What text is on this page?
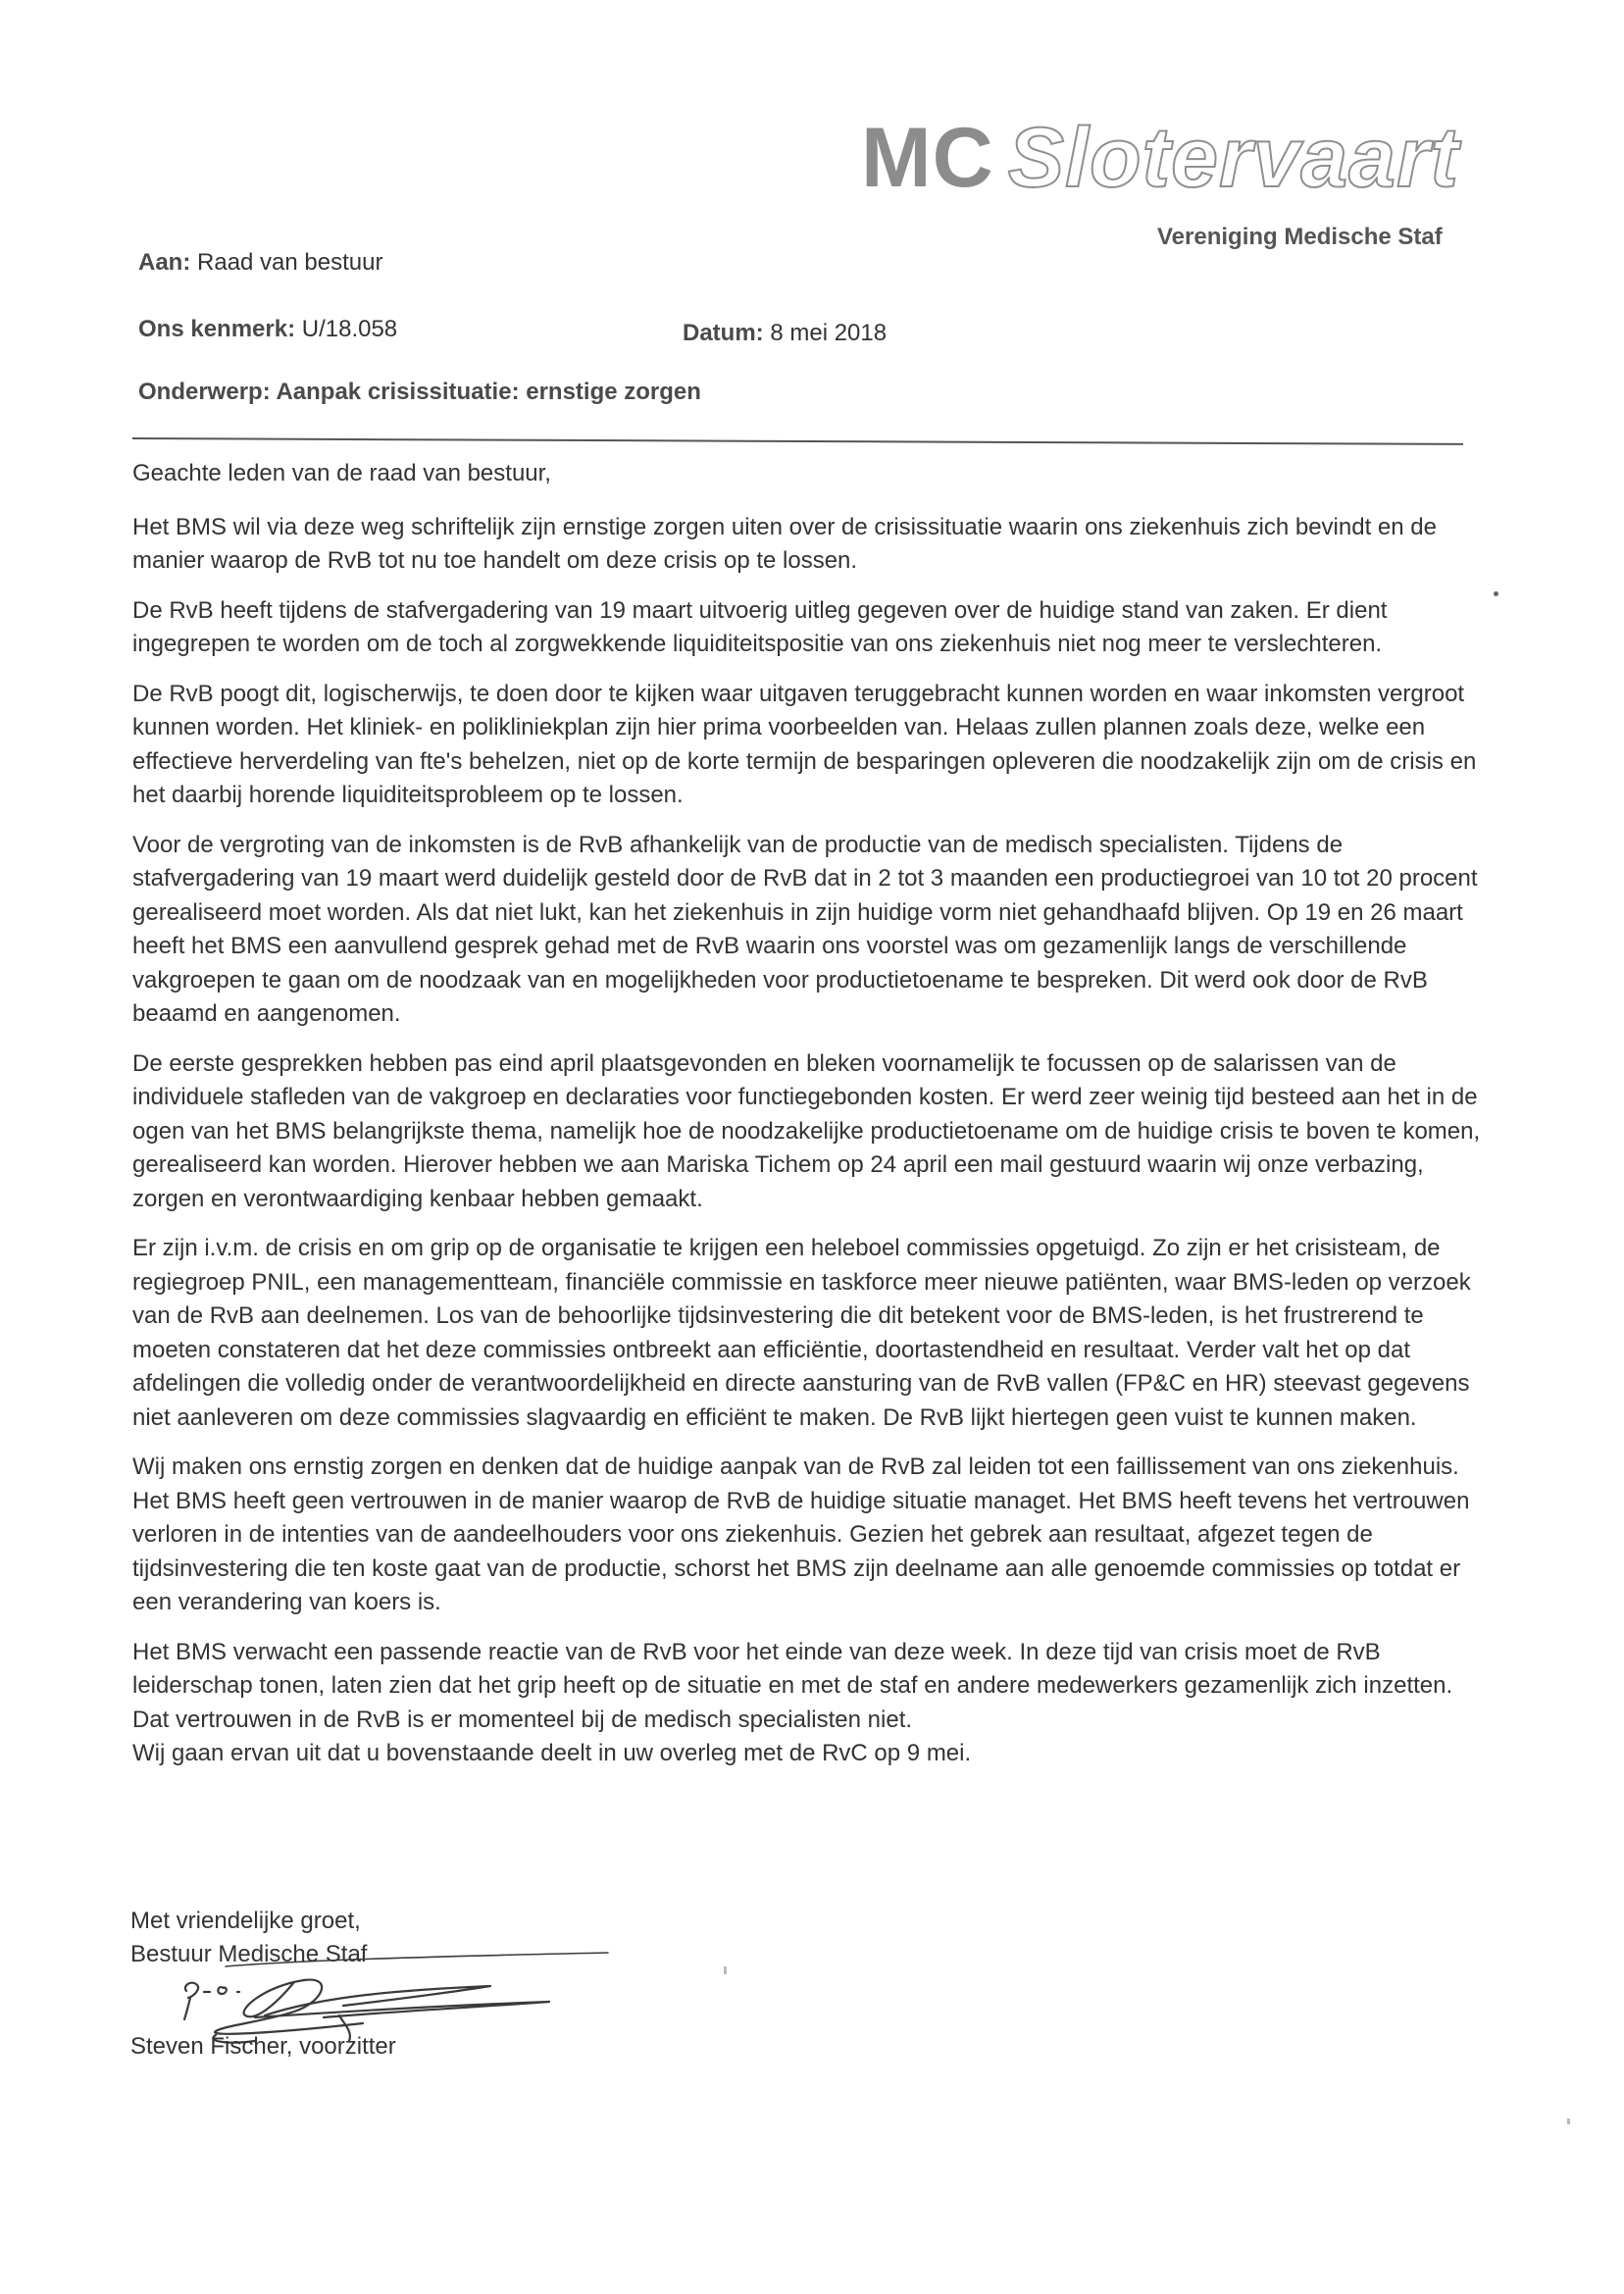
MC Slotervaart
Vereniging Medische Staf
Aan: Raad van bestuur
Ons kenmerk: U/18.058	Datum: 8 mei 2018
Onderwerp: Aanpak crisissituatie: ernstige zorgen

Geachte leden van de raad van bestuur,

Het BMS wil via deze weg schriftelijk zijn ernstige zorgen uiten over de crisissituatie waarin ons ziekenhuis zich bevindt en de manier waarop de RvB tot nu toe handelt om deze crisis op te lossen.

De RvB heeft tijdens de stafvergadering van 19 maart uitvoerig uitleg gegeven over de huidige stand van zaken. Er dient ingegrepen te worden om de toch al zorgwekkende liquiditeitspositie van ons ziekenhuis niet nog meer te verslechteren.

De RvB poogt dit, logischerwijs, te doen door te kijken waar uitgaven teruggebracht kunnen worden en waar inkomsten vergroot kunnen worden. Het kliniek- en polikliniekplan zijn hier prima voorbeelden van. Helaas zullen plannen zoals deze, welke een effectieve herverdeling van fte's behelzen, niet op de korte termijn de besparingen opleveren die noodzakelijk zijn om de crisis en het daarbij horende liquiditeitsprobleem op te lossen.

Voor de vergroting van de inkomsten is de RvB afhankelijk van de productie van de medisch specialisten. Tijdens de stafvergadering van 19 maart werd duidelijk gesteld door de RvB dat in 2 tot 3 maanden een productiegroei van 10 tot 20 procent gerealiseerd moet worden. Als dat niet lukt, kan het ziekenhuis in zijn huidige vorm niet gehandhaafd blijven. Op 19 en 26 maart heeft het BMS een aanvullend gesprek gehad met de RvB waarin ons voorstel was om gezamenlijk langs de verschillende vakgroepen te gaan om de noodzaak van en mogelijkheden voor productietoename te bespreken. Dit werd ook door de RvB beaamd en aangenomen.

De eerste gesprekken hebben pas eind april plaatsgevonden en bleken voornamelijk te focussen op de salarissen van de individuele stafleden van de vakgroep en declaraties voor functiegebonden kosten. Er werd zeer weinig tijd besteed aan het in de ogen van het BMS belangrijkste thema, namelijk hoe de noodzakelijke productietoename om de huidige crisis te boven te komen, gerealiseerd kan worden. Hierover hebben we aan Mariska Tichem op 24 april een mail gestuurd waarin wij onze verbazing, zorgen en verontwaardiging kenbaar hebben gemaakt.

Er zijn i.v.m. de crisis en om grip op de organisatie te krijgen een heleboel commissies opgetuigd. Zo zijn er het crisisteam, de regiegroep PNIL, een managementteam, financiële commissie en taskforce meer nieuwe patiënten, waar BMS-leden op verzoek van de RvB aan deelnemen. Los van de behoorlijke tijdsinvestering die dit betekent voor de BMS-leden, is het frustrerend te moeten constateren dat het deze commissies ontbreekt aan efficiëntie, doortastendheid en resultaat. Verder valt het op dat afdelingen die volledig onder de verantwoordelijkheid en directe aansturing van de RvB vallen (FP&C en HR) steevast gegevens niet aanleveren om deze commissies slagvaardig en efficiënt te maken. De RvB lijkt hiertegen geen vuist te kunnen maken.

Wij maken ons ernstig zorgen en denken dat de huidige aanpak van de RvB zal leiden tot een faillissement van ons ziekenhuis. Het BMS heeft geen vertrouwen in de manier waarop de RvB de huidige situatie managet. Het BMS heeft tevens het vertrouwen verloren in de intenties van de aandeelhouders voor ons ziekenhuis. Gezien het gebrek aan resultaat, afgezet tegen de tijdsinvestering die ten koste gaat van de productie, schorst het BMS zijn deelname aan alle genoemde commissies op totdat er een verandering van koers is.

Het BMS verwacht een passende reactie van de RvB voor het einde van deze week. In deze tijd van crisis moet de RvB leiderschap tonen, laten zien dat het grip heeft op de situatie en met de staf en andere medewerkers gezamenlijk zich inzetten. Dat vertrouwen in de RvB is er momenteel bij de medisch specialisten niet.

Wij gaan ervan uit dat u bovenstaande deelt in uw overleg met de RvC op 9 mei.

Met vriendelijke groet,

Bestuur Medische Staf

Steven Fischer, voorzitter
